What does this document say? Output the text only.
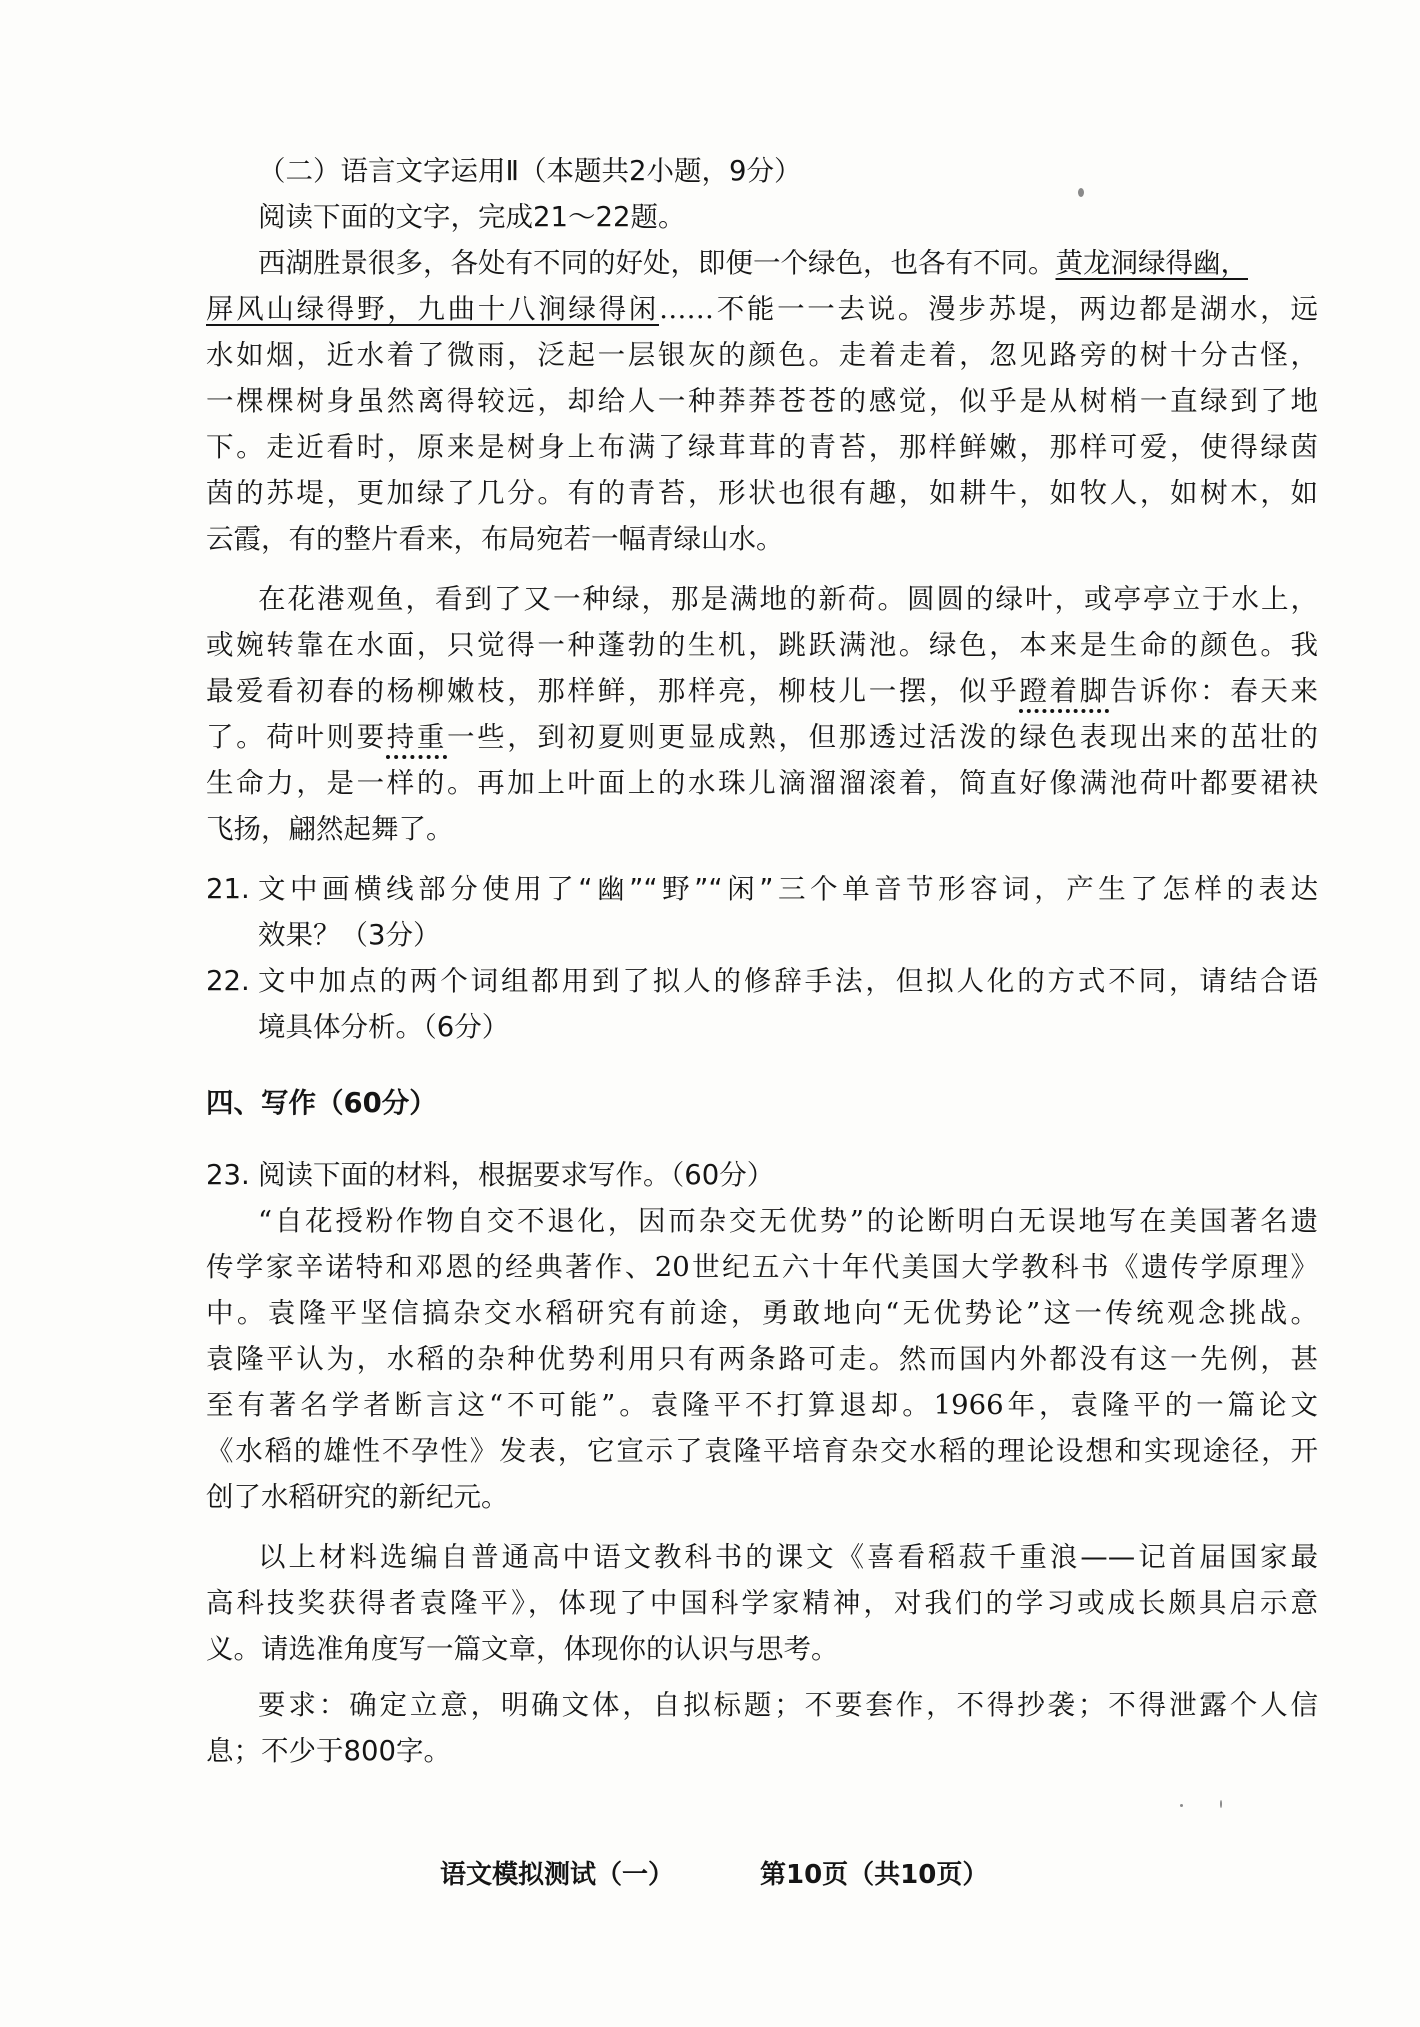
（二）语言文字运用Ⅱ（本题共2小题，9分）
阅读下面的文字，完成21～22题。
西湖胜景很多，各处有不同的好处，即便一个绿色，也各有不同。黄龙洞绿得幽，
屏风山绿得野，九曲十八涧绿得闲……不能一一去说。漫步苏堤，两边都是湖水，远
水如烟，近水着了微雨，泛起一层银灰的颜色。走着走着，忽见路旁的树十分古怪，
一棵棵树身虽然离得较远，却给人一种莽莽苍苍的感觉，似乎是从树梢一直绿到了地
下。走近看时，原来是树身上布满了绿茸茸的青苔，那样鲜嫩，那样可爱，使得绿茵
茵的苏堤，更加绿了几分。有的青苔，形状也很有趣，如耕牛，如牧人，如树木，如
云霞，有的整片看来，布局宛若一幅青绿山水。
在花港观鱼，看到了又一种绿，那是满地的新荷。圆圆的绿叶，或亭亭立于水上，
或婉转靠在水面，只觉得一种蓬勃的生机，跳跃满池。绿色，本来是生命的颜色。我
最爱看初春的杨柳嫩枝，那样鲜，那样亮，柳枝儿一摆，似乎蹬着脚告诉你：春天来
了。荷叶则要持重一些，到初夏则更显成熟，但那透过活泼的绿色表现出来的茁壮的
生命力，是一样的。再加上叶面上的水珠儿滴溜溜滚着，简直好像满池荷叶都要裙袂
飞扬，翩然起舞了。
21. 文中画横线部分使用了“幽”“野”“闲”三个单音节形容词，产生了怎样的表达
效果？（3分）
22. 文中加点的两个词组都用到了拟人的修辞手法，但拟人化的方式不同，请结合语
境具体分析。（6分）
四、写作（60分）
23. 阅读下面的材料，根据要求写作。（60分）
“自花授粉作物自交不退化，因而杂交无优势”的论断明白无误地写在美国著名遗
传学家辛诺特和邓恩的经典著作、20世纪五六十年代美国大学教科书《遗传学原理》
中。袁隆平坚信搞杂交水稻研究有前途，勇敢地向“无优势论”这一传统观念挑战。
袁隆平认为，水稻的杂种优势利用只有两条路可走。然而国内外都没有这一先例，甚
至有著名学者断言这“不可能”。袁隆平不打算退却。1966年，袁隆平的一篇论文
《水稻的雄性不孕性》发表，它宣示了袁隆平培育杂交水稻的理论设想和实现途径，开
创了水稻研究的新纪元。
以上材料选编自普通高中语文教科书的课文《喜看稻菽千重浪——记首届国家最
高科技奖获得者袁隆平》，体现了中国科学家精神，对我们的学习或成长颇具启示意
义。请选准角度写一篇文章，体现你的认识与思考。
要求：确定立意，明确文体，自拟标题；不要套作，不得抄袭；不得泄露个人信
息；不少于800字。
语文模拟测试（一）	第10页（共10页）
